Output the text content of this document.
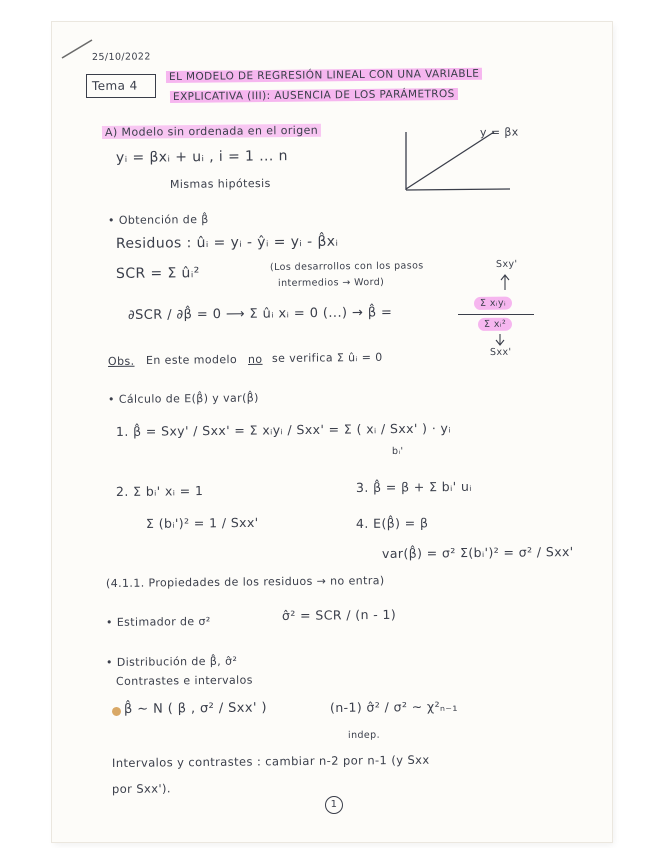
25/10/2022
Tema 4
EL MODELO DE REGRESIÓN LINEAL CON UNA VARIABLE
EXPLICATIVA (III): AUSENCIA DE LOS PARÁMETROS
A) Modelo sin ordenada en el origen
yᵢ = βxᵢ + uᵢ , i = 1 ... n
Mismas hipótesis
y = βx
• Obtención de β̂
Residuos : ûᵢ = yᵢ - ŷᵢ = yᵢ - β̂xᵢ
SCR = Σ ûᵢ²	(Los desarrollos con los pasos
intermedios → Word)
Sxy'
∂SCR / ∂β̂ = 0 ⟶ Σ ûᵢ xᵢ = 0 (...) → β̂ =
Σ xᵢyᵢ
Σ xᵢ²
Sxx'
Obs. En este modelo no se verifica Σ ûᵢ = 0
• Cálculo de E(β̂) y var(β̂)
1. β̂ = Sxy' / Sxx' = Σ xᵢyᵢ / Sxx' = Σ ( xᵢ / Sxx' ) · yᵢ
bᵢ'
2. Σ bᵢ' xᵢ = 1
Σ (bᵢ')² = 1 / Sxx'
3. β̂ = β + Σ bᵢ' uᵢ
4. E(β̂) = β
var(β̂) = σ² Σ(bᵢ')² = σ² / Sxx'
(4.1.1. Propiedades de los residuos → no entra)
• Estimador de σ²	σ̂² = SCR / (n - 1)
• Distribución de β̂, σ̂²
Contrastes e intervalos
β̂ ~ N ( β , σ² / Sxx' )	(n-1) σ̂² / σ² ~ χ²ₙ₋₁
indep.
Intervalos y contrastes : cambiar n-2 por n-1 (y Sxx
por Sxx').
1
